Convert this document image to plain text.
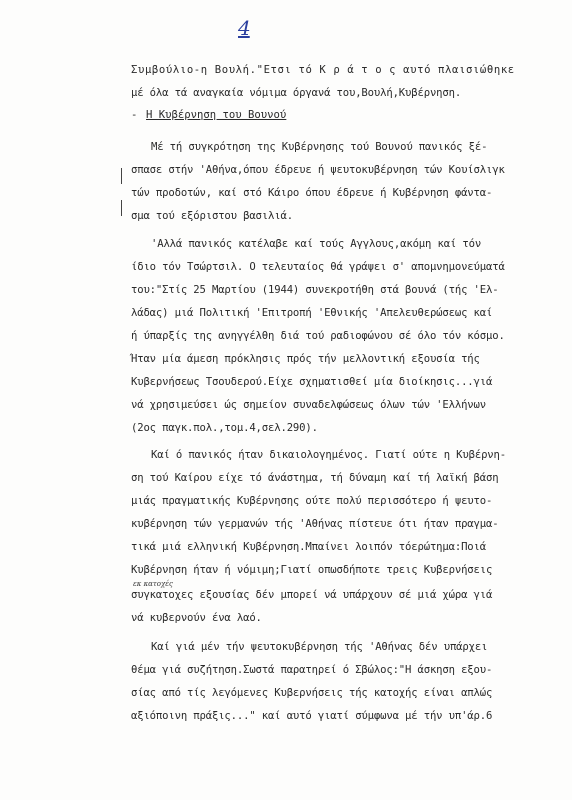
4
Συμβούλιο-η Βουλή."Ετσι τό Κ ρ ά τ ο ς αυτό πλαισιώθηκε
μέ όλα τά αναγκαία νόμιμα όργανά του,Βουλή,Κυβέρνηση.
- Η Κυβέρνηση του Βουνού
Μέ τή συγκρότηση της Κυβέρνησης τού Βουνού πανικός ξέ-
σπασε στήν 'Αθήνα,όπου έδρευε ή ψευτοκυβέρνηση τών Κουίσλιγκ
τών προδοτών, καί στό Κάιρο όπου έδρευε ή Κυβέρνηση φάντα-
σμα τού εξόριστου βασιλιά.
'Αλλά πανικός κατέλαβε καί τούς Αγγλους,ακόμη καί τόν
ίδιο τόν Τσώρτσιλ. Ο τελευταίος θά γράψει σ' απομνημονεύματά
του:"Στίς 25 Μαρτίου (1944) συνεκροτήθη στά βουνά (τής 'Ελ-
λάδας) μιά Πολιτική 'Επιτροπή 'Εθνικής 'Απελευθερώσεως καί
ή ύπαρξίς της ανηγγέλθη διά τού ραδιοφώνου σέ όλο τόν κόσμο.
Ήταν μία άμεση πρόκλησις πρός τήν μελλοντική εξουσία τής
Κυβερνήσεως Τσουδερού.Είχε σχηματισθεί μία διοίκησις...γιά
νά χρησιμεύσει ώς σημείον συναδελφώσεως όλων τών 'Ελλήνων
(2ος παγκ.πολ.,τομ.4,σελ.290).
Καί ό πανικός ήταν δικαιολογημένος. Γιατί ούτε η Κυβέρνη-
ση τού Καίρου είχε τό άνάστημα, τή δύναμη καί τή λαϊκή βάση
μιάς πραγματικής Κυβέρνησης ούτε πολύ περισσότερο ή ψευτο-
κυβέρνηση τών γερμανών τής 'Αθήνας πίστευε ότι ήταν πραγμα-
τικά μιά ελληνική Κυβέρνηση.Μπαίνει λοιπόν τόερώτημα:Ποιά
Κυβέρνηση ήταν ή νόμιμη;Γιατί οπωσδήποτε τρεις Κυβερνήσεις
εκ κατοχές
συγκατοχες εξουσίας δέν μπορεί νά υπάρχουν σέ μιά χώρα γιά
νά κυβερνούν ένα λαό.
Καί γιά μέν τήν ψευτοκυβέρνηση τής 'Αθήνας δέν υπάρχει
θέμα γιά συζήτηση.Σωστά παρατηρεί ό Σβώλος:"Η άσκηση εξου-
σίας από τίς λεγόμενες Κυβερνήσεις τής κατοχής είναι απλώς
αξιόποινη πράξις..." καί αυτό γιατί σύμφωνα μέ τήν υπ'άρ.6
